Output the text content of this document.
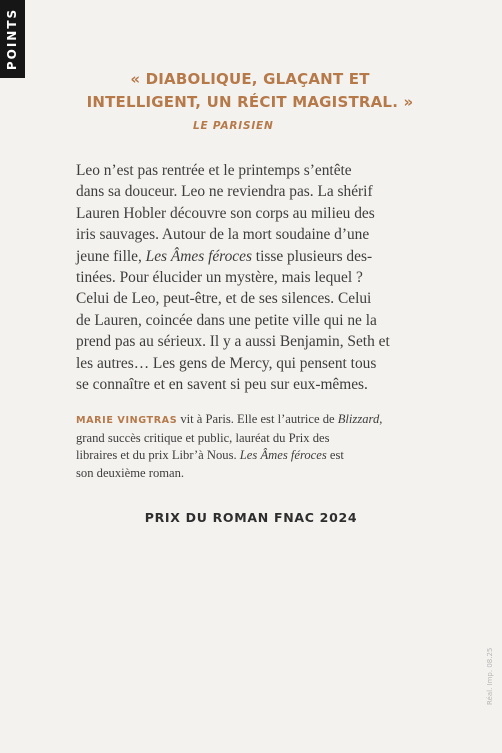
POINTS
« DIABOLIQUE, GLAÇANT ET
INTELLIGENT, UN RÉCIT MAGISTRAL. »
LE PARISIEN
Leo n’est pas rentrée et le printemps s’entête
dans sa douceur. Leo ne reviendra pas. La shérif
Lauren Hobler découvre son corps au milieu des
iris sauvages. Autour de la mort soudaine d’une
jeune fille, Les Âmes féroces tisse plusieurs des-
tinées. Pour élucider un mystère, mais lequel ?
Celui de Leo, peut-être, et de ses silences. Celui
de Lauren, coincée dans une petite ville qui ne la
prend pas au sérieux. Il y a aussi Benjamin, Seth et
les autres… Les gens de Mercy, qui pensent tous
se connaître et en savent si peu sur eux-mêmes.
MARIE VINGTRAS vit à Paris. Elle est l’autrice de Blizzard,
grand succès critique et public, lauréat du Prix des
libraires et du prix Libr’à Nous. Les Âmes féroces est
son deuxième roman.
PRIX DU ROMAN FNAC 2024
Réal. Imp. 08.25
